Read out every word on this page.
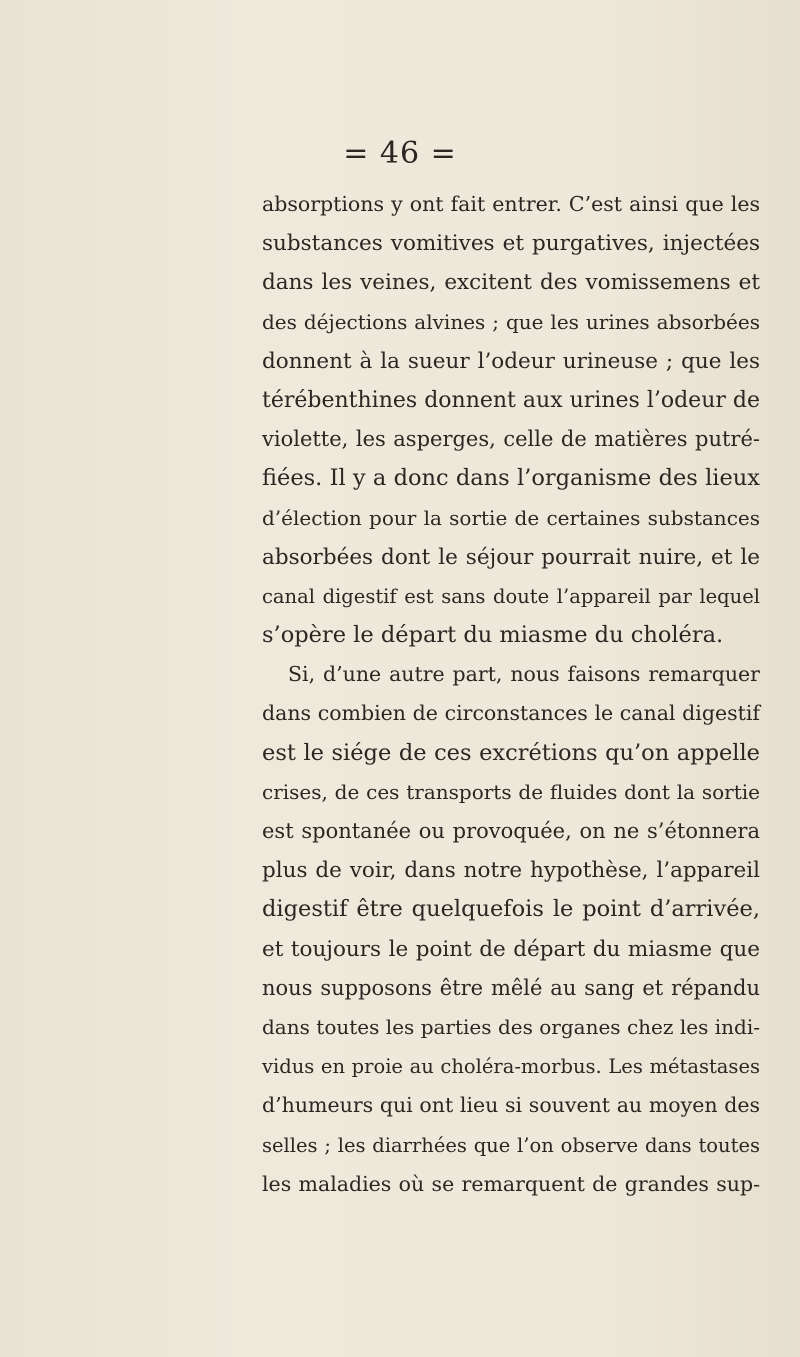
= 46 =
absorptions y ont fait entrer. C’est ainsi que les
substances vomitives et purgatives, injectées
dans les veines, excitent des vomissemens et
des déjections alvines ; que les urines absorbées
donnent à la sueur l’odeur urineuse ; que les
térébenthines donnent aux urines l’odeur de
violette, les asperges, celle de matières putré-
fiées. Il y a donc dans l’organisme des lieux
d’élection pour la sortie de certaines substances
absorbées dont le séjour pourrait nuire, et le
canal digestif est sans doute l’appareil par lequel
s’opère le départ du miasme du choléra.
Si, d’une autre part, nous faisons remarquer
dans combien de circonstances le canal digestif
est le siége de ces excrétions qu’on appelle
crises, de ces transports de fluides dont la sortie
est spontanée ou provoquée, on ne s’étonnera
plus de voir, dans notre hypothèse, l’appareil
digestif être quelquefois le point d’arrivée,
et toujours le point de départ du miasme que
nous supposons être mêlé au sang et répandu
dans toutes les parties des organes chez les indi-
vidus en proie au choléra-morbus. Les métastases
d’humeurs qui ont lieu si souvent au moyen des
selles ; les diarrhées que l’on observe dans toutes
les maladies où se remarquent de grandes sup-
